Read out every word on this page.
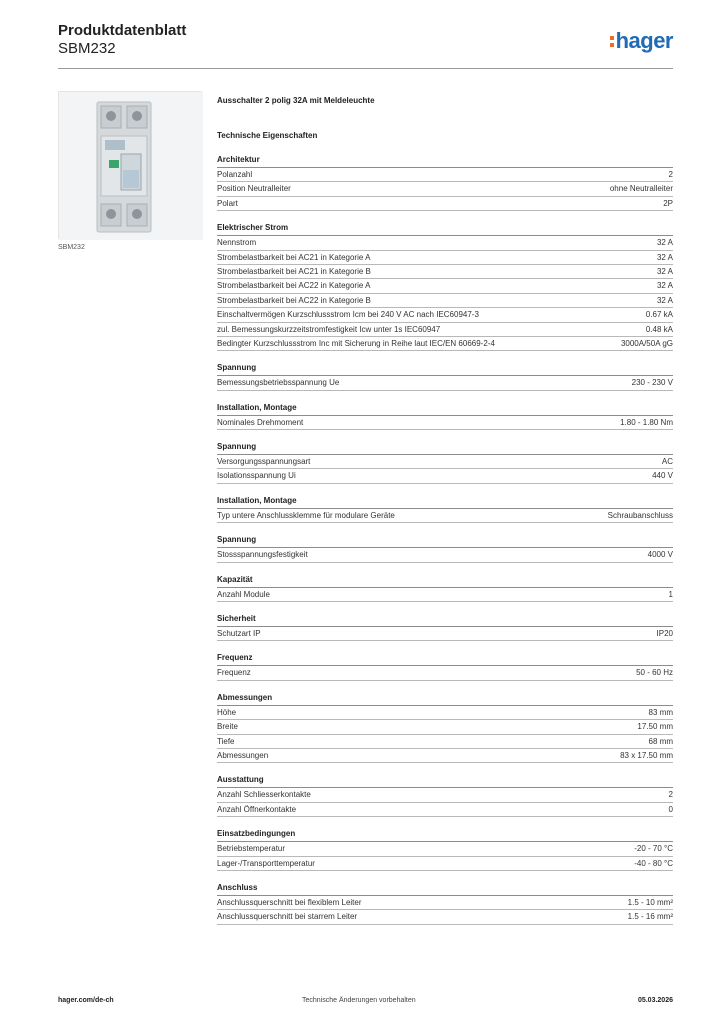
Produktdatenblatt
SBM232	hager
SBM232
Ausschalter 2 polig 32A mit Meldeleuchte
Technische Eigenschaften
Architektur
Polanzahl	2
Position Neutralleiter	ohne Neutralleiter
Polart	2P
Elektrischer Strom
Nennstrom	32 A
Strombelastbarkeit bei AC21 in Kategorie A	32 A
Strombelastbarkeit bei AC21 in Kategorie B	32 A
Strombelastbarkeit bei AC22 in Kategorie A	32 A
Strombelastbarkeit bei AC22 in Kategorie B	32 A
Einschaltvermögen Kurzschlussstrom Icm bei 240 V AC nach IEC60947-3	0.67 kA
zul. Bemessungskurzzeitstromfestigkeit Icw unter 1s IEC60947	0.48 kA
Bedingter Kurzschlussstrom Inc mit Sicherung in Reihe laut IEC/EN 60669-2-4	3000A/50A gG
Spannung
Bemessungsbetriebsspannung Ue	230 - 230 V
Installation, Montage
Nominales Drehmoment	1.80 - 1.80 Nm
Spannung
Versorgungsspannungsart	AC
Isolationsspannung Ui	440 V
Installation, Montage
Typ untere Anschlussklemme für modulare Geräte	Schraubanschluss
Spannung
Stossspannungsfestigkeit	4000 V
Kapazität
Anzahl Module	1
Sicherheit
Schutzart IP	IP20
Frequenz
Frequenz	50 - 60 Hz
Abmessungen
Höhe	83 mm
Breite	17.50 mm
Tiefe	68 mm
Abmessungen	83 x 17.50 mm
Ausstattung
Anzahl Schliesserkontakte	2
Anzahl Öffnerkontakte	0
Einsatzbedingungen
Betriebstemperatur	-20 - 70 °C
Lager-/Transporttemperatur	-40 - 80 °C
Anschluss
Anschlussquerschnitt bei flexiblem Leiter	1.5 - 10 mm²
Anschlussquerschnitt bei starrem Leiter	1.5 - 16 mm²
hager.com/de-ch	Technische Änderungen vorbehalten	05.03.2026
